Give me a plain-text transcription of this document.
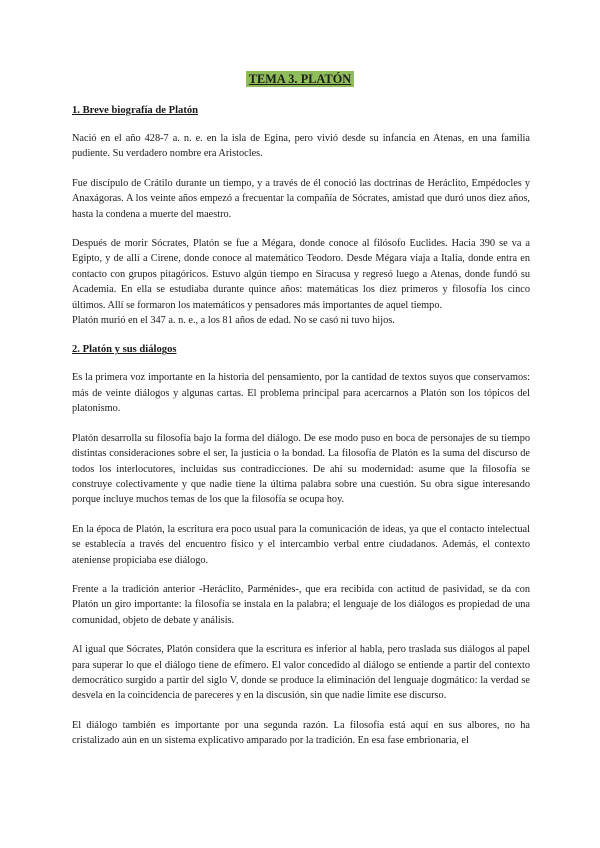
TEMA 3. PLATÓN
1. Breve biografía de Platón

Nació en el año 428-7 a. n. e. en la isla de Egina, pero vivió desde su infancia en Atenas, en una familia pudiente. Su verdadero nombre era Aristocles.

Fue discípulo de Crátilo durante un tiempo, y a través de él conoció las doctrinas de Heráclito, Empédocles y Anaxágoras. A los veinte años empezó a frecuentar la compañía de Sócrates, amistad que duró unos diez años, hasta la condena a muerte del maestro.

Después de morir Sócrates, Platón se fue a Mégara, donde conoce al filósofo Euclides. Hacia 390 se va a Egipto, y de allí a Cirene, donde conoce al matemático Teodoro. Desde Mégara viaja a Italia, donde entra en contacto con grupos pitagóricos. Estuvo algún tiempo en Siracusa y regresó luego a Atenas, donde fundó su Academia. En ella se estudiaba durante quince años: matemáticas los diez primeros y filosofía los cinco últimos. Allí se formaron los matemáticos y pensadores más importantes de aquel tiempo.

Platón murió en el 347 a. n. e., a los 81 años de edad. No se casó ni tuvo hijos.

2. Platón y sus diálogos

Es la primera voz importante en la historia del pensamiento, por la cantidad de textos suyos que conservamos: más de veinte diálogos y algunas cartas. El problema principal para acercarnos a Platón son los tópicos del platonismo.

Platón desarrolla su filosofía bajo la forma del diálogo. De ese modo puso en boca de personajes de su tiempo distintas consideraciones sobre el ser, la justicia o la bondad. La filosofía de Platón es la suma del discurso de todos los interlocutores, incluidas sus contradicciones. De ahí su modernidad: asume que la filosofía se construye colectivamente y que nadie tiene la última palabra sobre una cuestión. Su obra sigue interesando porque incluye muchos temas de los que la filosofía se ocupa hoy.

En la época de Platón, la escritura era poco usual para la comunicación de ideas, ya que el contacto intelectual se establecía a través del encuentro físico y el intercambio verbal entre ciudadanos. Además, el contexto ateniense propiciaba ese diálogo.

Frente a la tradición anterior -Heráclito, Parménides-, que era recibida con actitud de pasividad, se da con Platón un giro importante: la filosofía se instala en la palabra; el lenguaje de los diálogos es propiedad de una comunidad, objeto de debate y análisis.

Al igual que Sócrates, Platón considera que la escritura es inferior al habla, pero traslada sus diálogos al papel para superar lo que el diálogo tiene de efímero. El valor concedido al diálogo se entiende a partir del contexto democrático surgido a partir del siglo V, donde se produce la eliminación del lenguaje dogmático: la verdad se desvela en la coincidencia de pareceres y en la discusión, sin que nadie limite ese discurso.

El diálogo también es importante por una segunda razón. La filosofía está aquí en sus albores, no ha cristalizado aún en un sistema explicativo amparado por la tradición. En esa fase embrionaria, el
